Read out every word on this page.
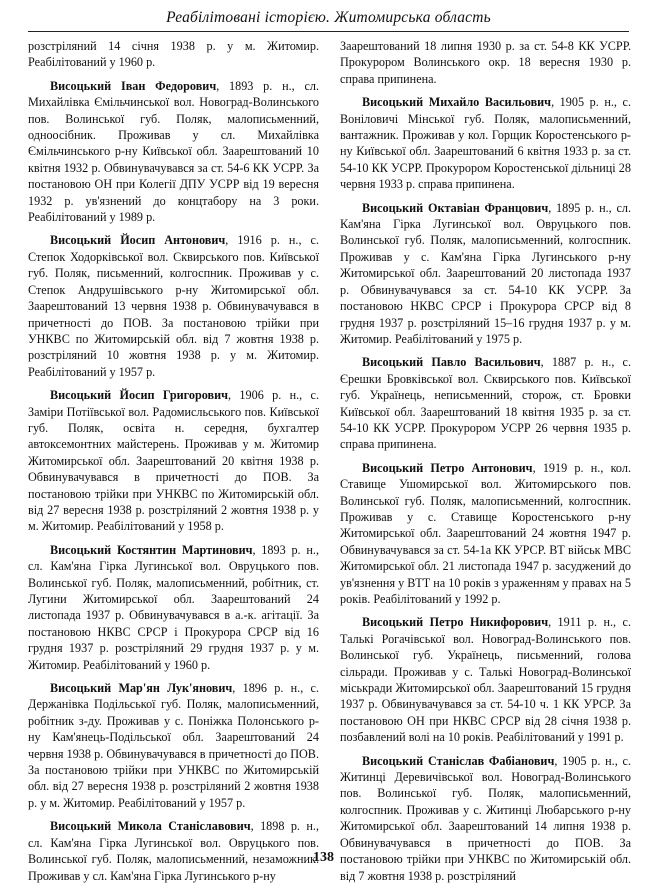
Реабілітовані історією. Житомирська область

розстріляний 14 січня 1938 р. у м. Житомир. Реабілітований у 1960 р.

Висоцький Іван Федорович, 1893 р. н., сл. Михайлівка Ємільчинської вол. Новоград-Волинського пов. Волинської губ. Поляк, малописьменний, одноосібник. Проживав у сл. Михайлівка Ємільчинського р-ну Київської обл. Заарештований 10 квітня 1932 р. Обвинувачувався за ст. 54-6 КК УСРР. За постановою ОН при Колегії ДПУ УСРР від 19 вересня 1932 р. ув'язнений до концтабору на 3 роки. Реабілітований у 1989 р.

Висоцький Йосип Антонович, 1916 р. н., с. Степок Ходорківської вол. Сквирського пов. Київської губ. Поляк, письменний, колгоспник. Проживав у с. Степок Андрушівського р-ну Житомирської обл. Заарештований 13 червня 1938 р. Обвинувачувався в причетності до ПОВ. За постановою трійки при УНКВС по Житомирській обл. від 7 жовтня 1938 р. розстріляний 10 жовтня 1938 р. у м. Житомир. Реабілітований у 1957 р.

Висоцький Йосип Григорович, 1906 р. н., с. Заміри Потіївської вол. Радомисльського пов. Київської губ. Поляк, освіта н. середня, бухгалтер автоксемонтних майстерень. Проживав у м. Житомир Житомирської обл. Заарештований 20 квітня 1938 р. Обвинувачувався в причетності до ПОВ. За постановою трійки при УНКВС по Житомирській обл. від 27 вересня 1938 р. розстріляний 2 жовтня 1938 р. у м. Житомир. Реабілітований у 1958 р.

Висоцький Костянтин Мартинович, 1893 р. н., сл. Кам'яна Гірка Лугинської вол. Овруцького пов. Волинської губ. Поляк, малописьменний, робітник, ст. Лугини Житомирської обл. Заарештований 24 листопада 1937 р. Обвинувачувався в а.-к. агітації. За постановою НКВС СРСР і Прокурора СРСР від 16 грудня 1937 р. розстріляний 29 грудня 1937 р. у м. Житомир. Реабілітований у 1960 р.

Висоцький Мар'ян Лук'янович, 1896 р. н., с. Держанівка Подільської губ. Поляк, малописьменний, робітник з-ду. Проживав у с. Поніжка Полонського р-ну Кам'янець-Подільської обл. Заарештований 24 червня 1938 р. Обвинувачувався в причетності до ПОВ. За постановою трійки при УНКВС по Житомирській обл. від 27 вересня 1938 р. розстріляний 2 жовтня 1938 р. у м. Житомир. Реабілітований у 1957 р.

Висоцький Микола Станіславович, 1898 р. н., сл. Кам'яна Гірка Лугинської вол. Овруцького пов. Волинської губ. Поляк, малописьменний, незаможник. Проживав у сл. Кам'яна Гірка Лугинського р-ну

Заарештований 18 липня 1930 р. за ст. 54-8 КК УСРР. Прокурором Волинського окр. 18 вересня 1930 р. справа припинена.

Висоцький Михайло Васильович, 1905 р. н., с. Воніловичі Мінської губ. Поляк, малописьменний, вантажник. Проживав у кол. Горщик Коростенського р-ну Київської обл. Заарештований 6 квітня 1933 р. за ст. 54-10 КК УСРР. Прокурором Коростенської дільниці 28 червня 1933 р. справа припинена.

Висоцький Октавіан Францович, 1895 р. н., сл. Кам'яна Гірка Лугинської вол. Овруцького пов. Волинської губ. Поляк, малописьменний, колгоспник. Проживав у с. Кам'яна Гірка Лугинського р-ну Житомирської обл. Заарештований 20 листопада 1937 р. Обвинувачувався за ст. 54-10 КК УСРР. За постановою НКВС СРСР і Прокурора СРСР від 8 грудня 1937 р. розстріляний 15–16 грудня 1937 р. у м. Житомир. Реабілітований у 1975 р.

Висоцький Павло Васильович, 1887 р. н., с. Єрешки Бровківської вол. Сквирського пов. Київської губ. Українець, неписьменний, сторож, ст. Бровки Київської обл. Заарештований 18 квітня 1935 р. за ст. 54-10 КК УСРР. Прокурором УСРР 26 червня 1935 р. справа припинена.

Висоцький Петро Антонович, 1919 р. н., кол. Ставище Ушомирської вол. Житомирського пов. Волинської губ. Поляк, малописьменний, колгоспник. Проживав у с. Ставище Коростенського р-ну Житомирської обл. Заарештований 24 жовтня 1947 р. Обвинувачувався за ст. 54-1а КК УРСР. ВТ військ МВС Житомирської обл. 21 листопада 1947 р. засуджений до ув'язнення у ВТТ на 10 років з ураженням у правах на 5 років. Реабілітований у 1992 р.

Висоцький Петро Никифорович, 1911 р. н., с. Талькі Рогачівської вол. Новоград-Волинського пов. Волинської губ. Українець, письменний, голова сільради. Проживав у с. Талькі Новоград-Волинської міськради Житомирської обл. Заарештований 15 грудня 1937 р. Обвинувачувався за ст. 54-10 ч. 1 КК УРСР. За постановою ОН при НКВС СРСР від 28 січня 1938 р. позбавлений волі на 10 років. Реабілітований у 1991 р.

Висоцький Станіслав Фабіанович, 1905 р. н., с. Житинці Деревичівської вол. Новоград-Волинського пов. Волинської губ. Поляк, малописьменний, колгоспник. Проживав у с. Житинці Любарського р-ну Житомирської обл. Заарештований 14 липня 1938 р. Обвинувачувався в причетності до ПОВ. За постановою трійки при УНКВС по Житомирській обл. від 7 жовтня 1938 р. розстріляний

138
